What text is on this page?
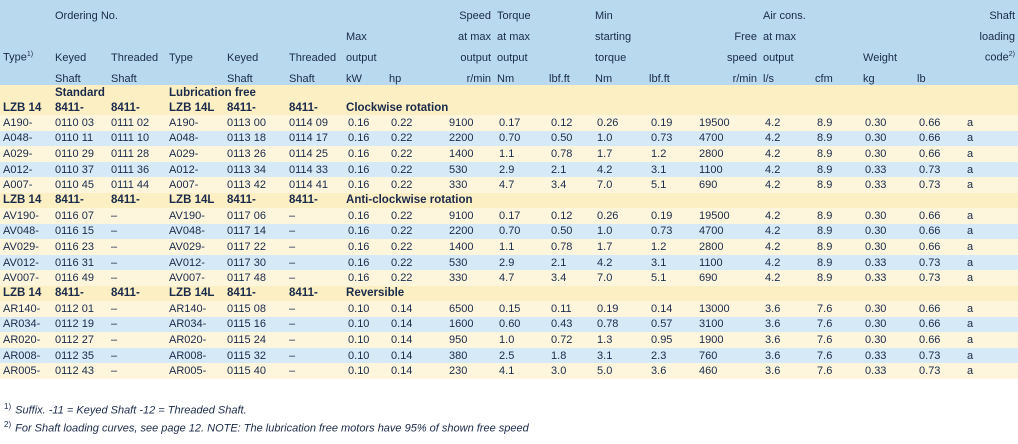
	Ordering No.							Speed	Torque		Min			Air cons.				Shaft
						Max		at max	at max		starting		Free	at max				loading
Type$^{1)}$	Keyed	Threaded	Type	Keyed	Threaded	output		output	output		torque		speed	output		Weight		code$^{2)}$
	Shaft	Shaft		Shaft	Shaft	kW	hp	r/min	Nm	lbf.ft	Nm	lbf.ft	r/min	l/s	cfm	kg	lb	
	Standard		Lubrication free															
LZB 14	8411-	8411-	LZB 14L	8411-	8411-	Clockwise rotation												
A190-	0110 03	0111 02	A190-	0113 00	0114 09	0.16	0.22	9100	0.17	0.12	0.26	0.19	19500	4.2	8.9	0.30	0.66	a
A048-	0110 11	0111 10	A048-	0113 18	0114 17	0.16	0.22	2200	0.70	0.50	1.0	0.73	4700	4.2	8.9	0.30	0.66	a
A029-	0110 29	0111 28	A029-	0113 26	0114 25	0.16	0.22	1400	1.1	0.78	1.7	1.2	2800	4.2	8.9	0.30	0.66	a
A012-	0110 37	0111 36	A012-	0113 34	0114 33	0.16	0.22	530	2.9	2.1	4.2	3.1	1100	4.2	8.9	0.33	0.73	a
A007-	0110 45	0111 44	A007-	0113 42	0114 41	0.16	0.22	330	4.7	3.4	7.0	5.1	690	4.2	8.9	0.33	0.73	a
LZB 14	8411-	8411-	LZB 14L	8411-	8411-	Anti-clockwise rotation												
AV190-	0116 07	–	AV190-	0117 06	–	0.16	0.22	9100	0.17	0.12	0.26	0.19	19500	4.2	8.9	0.30	0.66	a
AV048-	0116 15	–	AV048-	0117 14	–	0.16	0.22	2200	0.70	0.50	1.0	0.73	4700	4.2	8.9	0.30	0.66	a
AV029-	0116 23	–	AV029-	0117 22	–	0.16	0.22	1400	1.1	0.78	1.7	1.2	2800	4.2	8.9	0.30	0.66	a
AV012-	0116 31	–	AV012-	0117 30	–	0.16	0.22	530	2.9	2.1	4.2	3.1	1100	4.2	8.9	0.33	0.73	a
AV007-	0116 49	–	AV007-	0117 48	–	0.16	0.22	330	4.7	3.4	7.0	5.1	690	4.2	8.9	0.33	0.73	a
LZB 14	8411-	8411-	LZB 14L	8411-	8411-	Reversible												
AR140-	0112 01	–	AR140-	0115 08	–	0.10	0.14	6500	0.15	0.11	0.19	0.14	13000	3.6	7.6	0.30	0.66	a
AR034-	0112 19	–	AR034-	0115 16	–	0.10	0.14	1600	0.60	0.43	0.78	0.57	3100	3.6	7.6	0.30	0.66	a
AR020-	0112 27	–	AR020-	0115 24	–	0.10	0.14	950	1.0	0.72	1.3	0.95	1900	3.6	7.6	0.30	0.66	a
AR008-	0112 35	–	AR008-	0115 32	–	0.10	0.14	380	2.5	1.8	3.1	2.3	760	3.6	7.6	0.33	0.73	a
AR005-	0112 43	–	AR005-	0115 40	–	0.10	0.14	230	4.1	3.0	5.0	3.6	460	3.6	7.6	0.33	0.73	a
$^{1)}$ Suffix. -11 = Keyed Shaft -12 = Threaded Shaft.
$^{2)}$ For Shaft loading curves, see page 12. NOTE: The lubrication free motors have 95% of shown free speed
